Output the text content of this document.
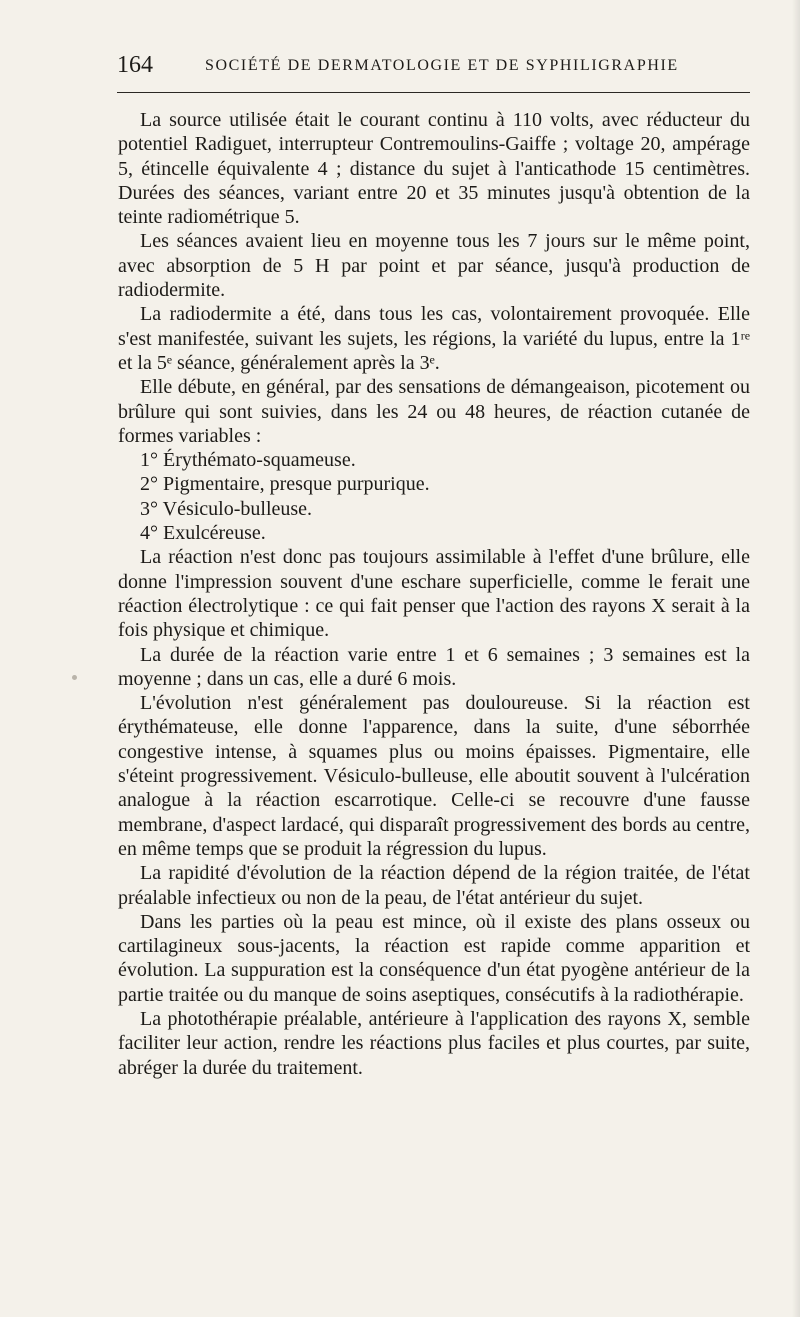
164	SOCIÉTÉ DE DERMATOLOGIE ET DE SYPHILIGRAPHIE

La source utilisée était le courant continu à 110 volts, avec réducteur du potentiel Radiguet, interrupteur Contremoulins-Gaiffe ; voltage 20, ampérage 5, étincelle équivalente 4 ; distance du sujet à l'anticathode 15 centimètres. Durées des séances, variant entre 20 et 35 minutes jusqu'à obtention de la teinte radiométrique 5.

Les séances avaient lieu en moyenne tous les 7 jours sur le même point, avec absorption de 5 H par point et par séance, jusqu'à production de radiodermite.

La radiodermite a été, dans tous les cas, volontairement provoquée. Elle s'est manifestée, suivant les sujets, les régions, la variété du lupus, entre la 1ʳᵉ et la 5ᵉ séance, généralement après la 3ᵉ.

Elle débute, en général, par des sensations de démangeaison, picotement ou brûlure qui sont suivies, dans les 24 ou 48 heures, de réaction cutanée de formes variables :

1° Érythémato-squameuse.

2° Pigmentaire, presque purpurique.

3° Vésiculo-bulleuse.

4° Exulcéreuse.

La réaction n'est donc pas toujours assimilable à l'effet d'une brûlure, elle donne l'impression souvent d'une eschare superficielle, comme le ferait une réaction électrolytique : ce qui fait penser que l'action des rayons X serait à la fois physique et chimique.

La durée de la réaction varie entre 1 et 6 semaines ; 3 semaines est la moyenne ; dans un cas, elle a duré 6 mois.

L'évolution n'est généralement pas douloureuse. Si la réaction est érythémateuse, elle donne l'apparence, dans la suite, d'une séborrhée congestive intense, à squames plus ou moins épaisses. Pigmentaire, elle s'éteint progressivement. Vésiculo-bulleuse, elle aboutit souvent à l'ulcération analogue à la réaction escarrotique. Celle-ci se recouvre d'une fausse membrane, d'aspect lardacé, qui disparaît progressivement des bords au centre, en même temps que se produit la régression du lupus.

La rapidité d'évolution de la réaction dépend de la région traitée, de l'état préalable infectieux ou non de la peau, de l'état antérieur du sujet.

Dans les parties où la peau est mince, où il existe des plans osseux ou cartilagineux sous-jacents, la réaction est rapide comme apparition et évolution. La suppuration est la conséquence d'un état pyogène antérieur de la partie traitée ou du manque de soins aseptiques, consécutifs à la radiothérapie.

La photothérapie préalable, antérieure à l'application des rayons X, semble faciliter leur action, rendre les réactions plus faciles et plus courtes, par suite, abréger la durée du traitement.
